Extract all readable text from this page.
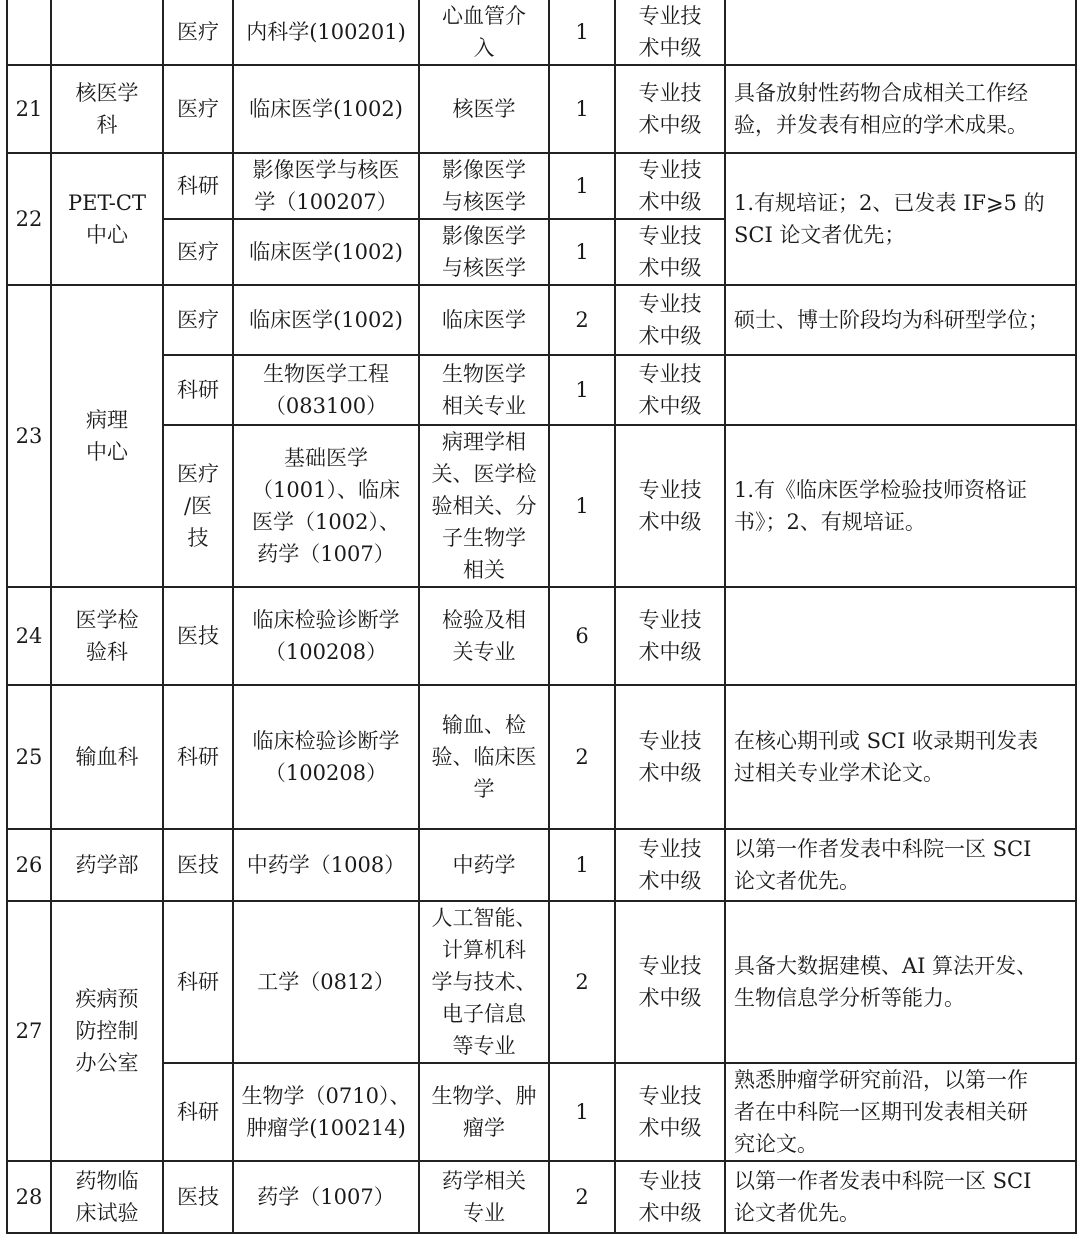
		医疗	内科学(100201)	心血管介
入	1	专业技
术中级	
21	核医学
科	医疗	临床医学(1002)	核医学	1	专业技
术中级	具备放射性药物合成相关工作经
验，并发表有相应的学术成果。
22	PET-CT
中心	科研	影像医学与核医
学（100207）	影像医学
与核医学	1	专业技
术中级	1.有规培证；2、已发表 IF⩾5 的
SCI 论文者优先；
		医疗	临床医学(1002)	影像医学
与核医学	1	专业技
术中级	
23	病理
中心	医疗	临床医学(1002)	临床医学	2	专业技
术中级	硕士、博士阶段均为科研型学位；
		科研	生物医学工程
（083100）	生物医学
相关专业	1	专业技
术中级	
		医疗
/医
技	基础医学
（1001）、临床
医学（1002）、
药学（1007）	病理学相
关、医学检
验相关、分
子生物学
相关	1	专业技
术中级	1.有《临床医学检验技师资格证
书》；2、有规培证。
24	医学检
验科	医技	临床检验诊断学
（100208）	检验及相
关专业	6	专业技
术中级	
25	输血科	科研	临床检验诊断学
（100208）	输血、检
验、临床医
学	2	专业技
术中级	在核心期刊或 SCI 收录期刊发表
过相关专业学术论文。
26	药学部	医技	中药学（1008）	中药学	1	专业技
术中级	以第一作者发表中科院一区 SCI
论文者优先。
27	疾病预
防控制
办公室	科研	工学（0812）	人工智能、
计算机科
学与技术、
电子信息
等专业	2	专业技
术中级	具备大数据建模、AI 算法开发、
生物信息学分析等能力。
		科研	生物学（0710）、
肿瘤学(100214)	生物学、肿
瘤学	1	专业技
术中级	熟悉肿瘤学研究前沿，以第一作
者在中科院一区期刊发表相关研
究论文。
28	药物临
床试验	医技	药学（1007）	药学相关
专业	2	专业技
术中级	以第一作者发表中科院一区 SCI
论文者优先。
